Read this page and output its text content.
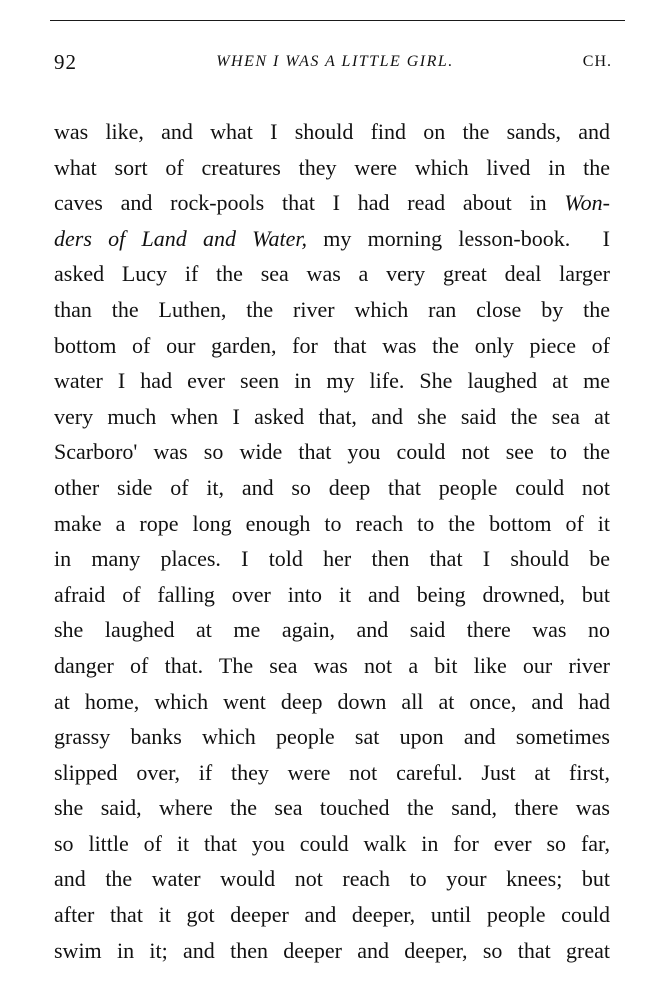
92	WHEN I WAS A LITTLE GIRL.	CH.
was like, and what I should find on the sands, and
what sort of creatures they were which lived in the
caves and rock-pools that I had read about in Won-
ders of Land and Water, my morning lesson-book.  I
asked Lucy if the sea was a very great deal larger
than the Luthen, the river which ran close by the
bottom of our garden, for that was the only piece of
water I had ever seen in my life. She laughed at me
very much when I asked that, and she said the sea at
Scarboro' was so wide that you could not see to the
other side of it, and so deep that people could not
make a rope long enough to reach to the bottom of it
in many places. I told her then that I should be
afraid of falling over into it and being drowned, but
she laughed at me again, and said there was no
danger of that. The sea was not a bit like our river
at home, which went deep down all at once, and had
grassy banks which people sat upon and sometimes
slipped over, if they were not careful. Just at first,
she said, where the sea touched the sand, there was
so little of it that you could walk in for ever so far,
and the water would not reach to your knees; but
after that it got deeper and deeper, until people could
swim in it; and then deeper and deeper, so that great
